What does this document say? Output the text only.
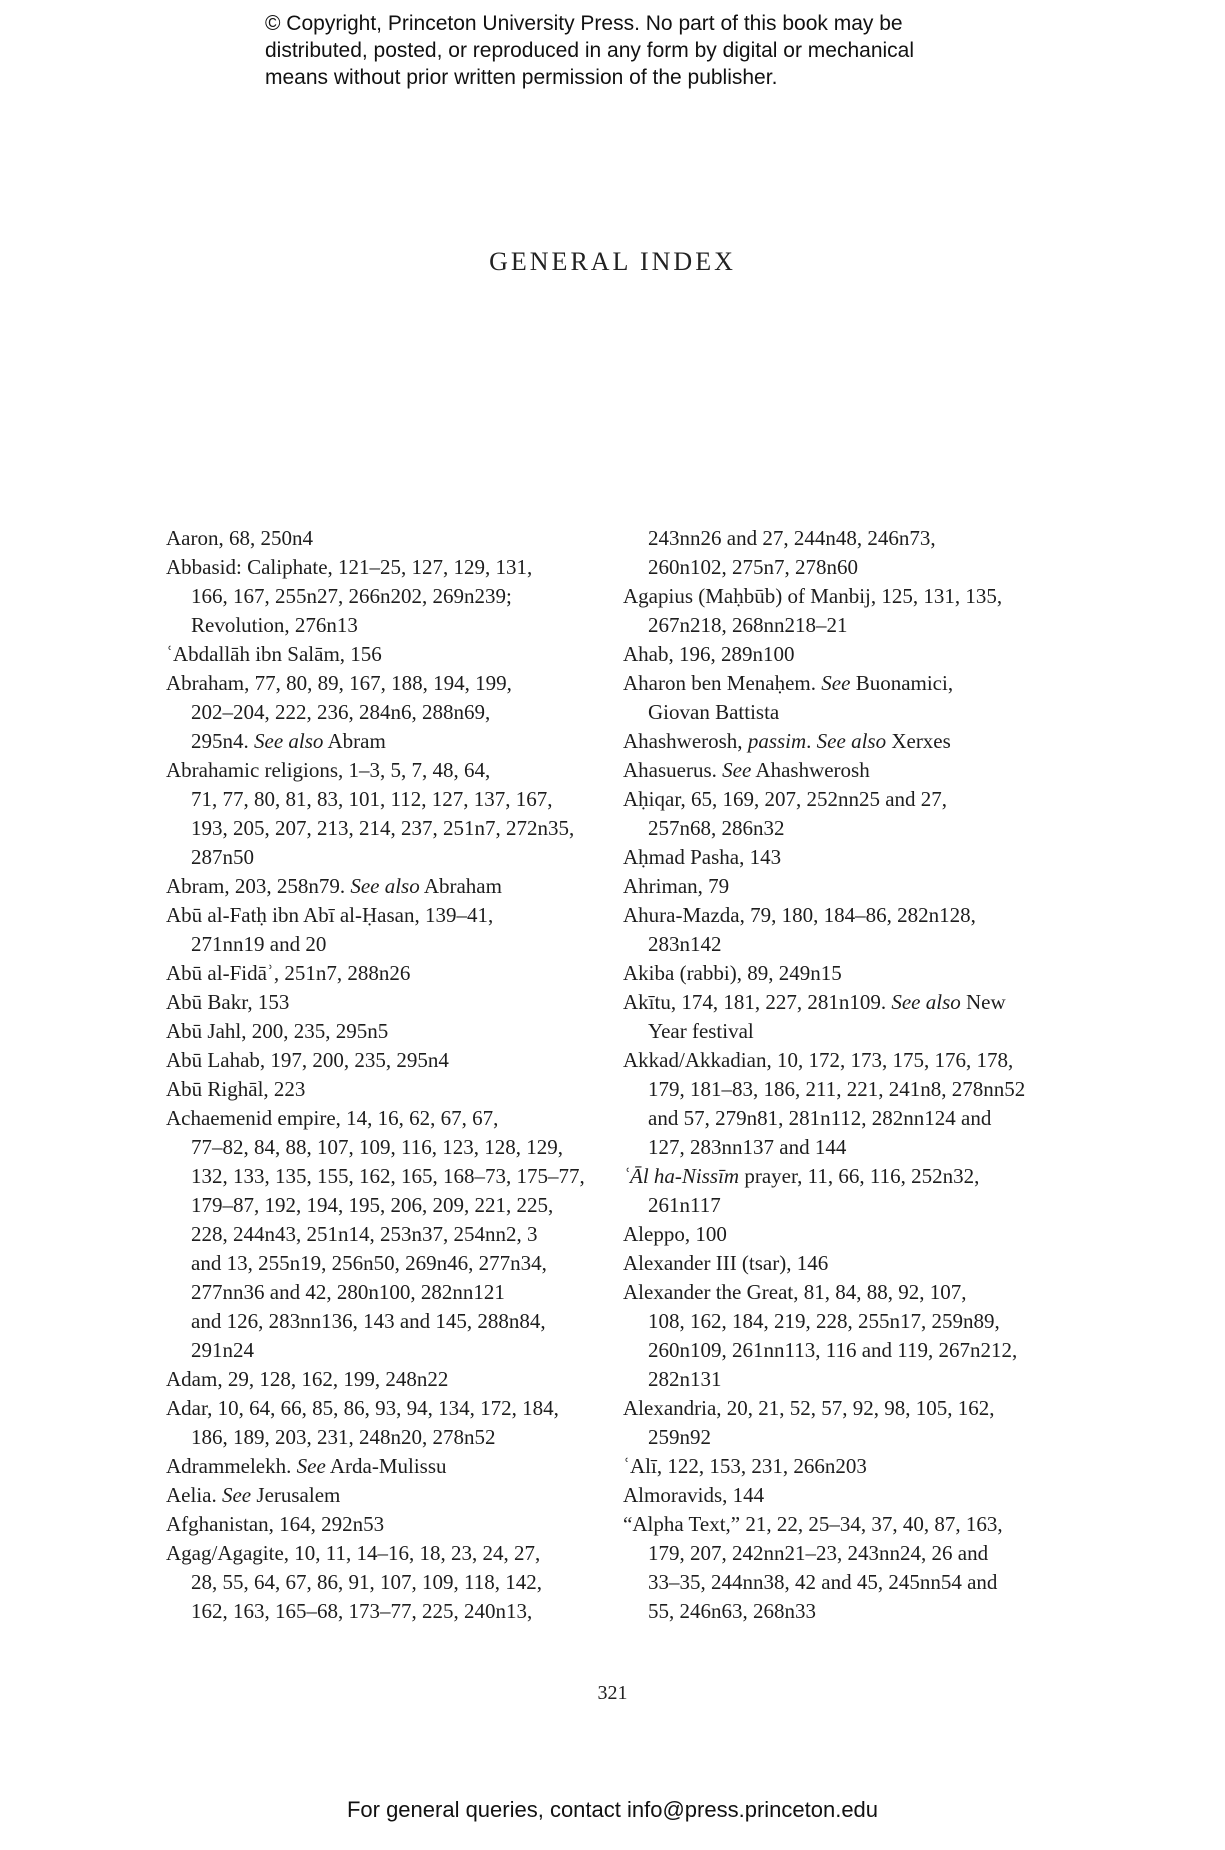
© Copyright, Princeton University Press. No part of this book may be
distributed, posted, or reproduced in any form by digital or mechanical
means without prior written permission of the publisher.
GENERAL INDEX
Aaron, 68, 250n4
Abbasid: Caliphate, 121–25, 127, 129, 131,
166, 167, 255n27, 266n202, 269n239;
Revolution, 276n13
ʿAbdallāh ibn Salām, 156
Abraham, 77, 80, 89, 167, 188, 194, 199,
202–204, 222, 236, 284n6, 288n69,
295n4. See also Abram
Abrahamic religions, 1–3, 5, 7, 48, 64,
71, 77, 80, 81, 83, 101, 112, 127, 137, 167,
193, 205, 207, 213, 214, 237, 251n7, 272n35,
287n50
Abram, 203, 258n79. See also Abraham
Abū al-Fatḥ ibn Abī al-Ḥasan, 139–41,
271nn19 and 20
Abū al-Fidāʾ, 251n7, 288n26
Abū Bakr, 153
Abū Jahl, 200, 235, 295n5
Abū Lahab, 197, 200, 235, 295n4
Abū Righāl, 223
Achaemenid empire, 14, 16, 62, 67, 67,
77–82, 84, 88, 107, 109, 116, 123, 128, 129,
132, 133, 135, 155, 162, 165, 168–73, 175–77,
179–87, 192, 194, 195, 206, 209, 221, 225,
228, 244n43, 251n14, 253n37, 254nn2, 3
and 13, 255n19, 256n50, 269n46, 277n34,
277nn36 and 42, 280n100, 282nn121
and 126, 283nn136, 143 and 145, 288n84,
291n24
Adam, 29, 128, 162, 199, 248n22
Adar, 10, 64, 66, 85, 86, 93, 94, 134, 172, 184,
186, 189, 203, 231, 248n20, 278n52
Adrammelekh. See Arda-Mulissu
Aelia. See Jerusalem
Afghanistan, 164, 292n53
Agag/Agagite, 10, 11, 14–16, 18, 23, 24, 27,
28, 55, 64, 67, 86, 91, 107, 109, 118, 142,
162, 163, 165–68, 173–77, 225, 240n13,
243nn26 and 27, 244n48, 246n73,
260n102, 275n7, 278n60
Agapius (Maḥbūb) of Manbij, 125, 131, 135,
267n218, 268nn218–21
Ahab, 196, 289n100
Aharon ben Menaḥem. See Buonamici,
Giovan Battista
Ahashwerosh, passim. See also Xerxes
Ahasuerus. See Ahashwerosh
Aḥiqar, 65, 169, 207, 252nn25 and 27,
257n68, 286n32
Aḥmad Pasha, 143
Ahriman, 79
Ahura-Mazda, 79, 180, 184–86, 282n128,
283n142
Akiba (rabbi), 89, 249n15
Akītu, 174, 181, 227, 281n109. See also New
Year festival
Akkad/Akkadian, 10, 172, 173, 175, 176, 178,
179, 181–83, 186, 211, 221, 241n8, 278nn52
and 57, 279n81, 281n112, 282nn124 and
127, 283nn137 and 144
ʿĀl ha-Nissīm prayer, 11, 66, 116, 252n32,
261n117
Aleppo, 100
Alexander III (tsar), 146
Alexander the Great, 81, 84, 88, 92, 107,
108, 162, 184, 219, 228, 255n17, 259n89,
260n109, 261nn113, 116 and 119, 267n212,
282n131
Alexandria, 20, 21, 52, 57, 92, 98, 105, 162,
259n92
ʿAlī, 122, 153, 231, 266n203
Almoravids, 144
“Alpha Text,” 21, 22, 25–34, 37, 40, 87, 163,
179, 207, 242nn21–23, 243nn24, 26 and
33–35, 244nn38, 42 and 45, 245nn54 and
55, 246n63, 268n33
321
For general queries, contact info@press.princeton.edu
